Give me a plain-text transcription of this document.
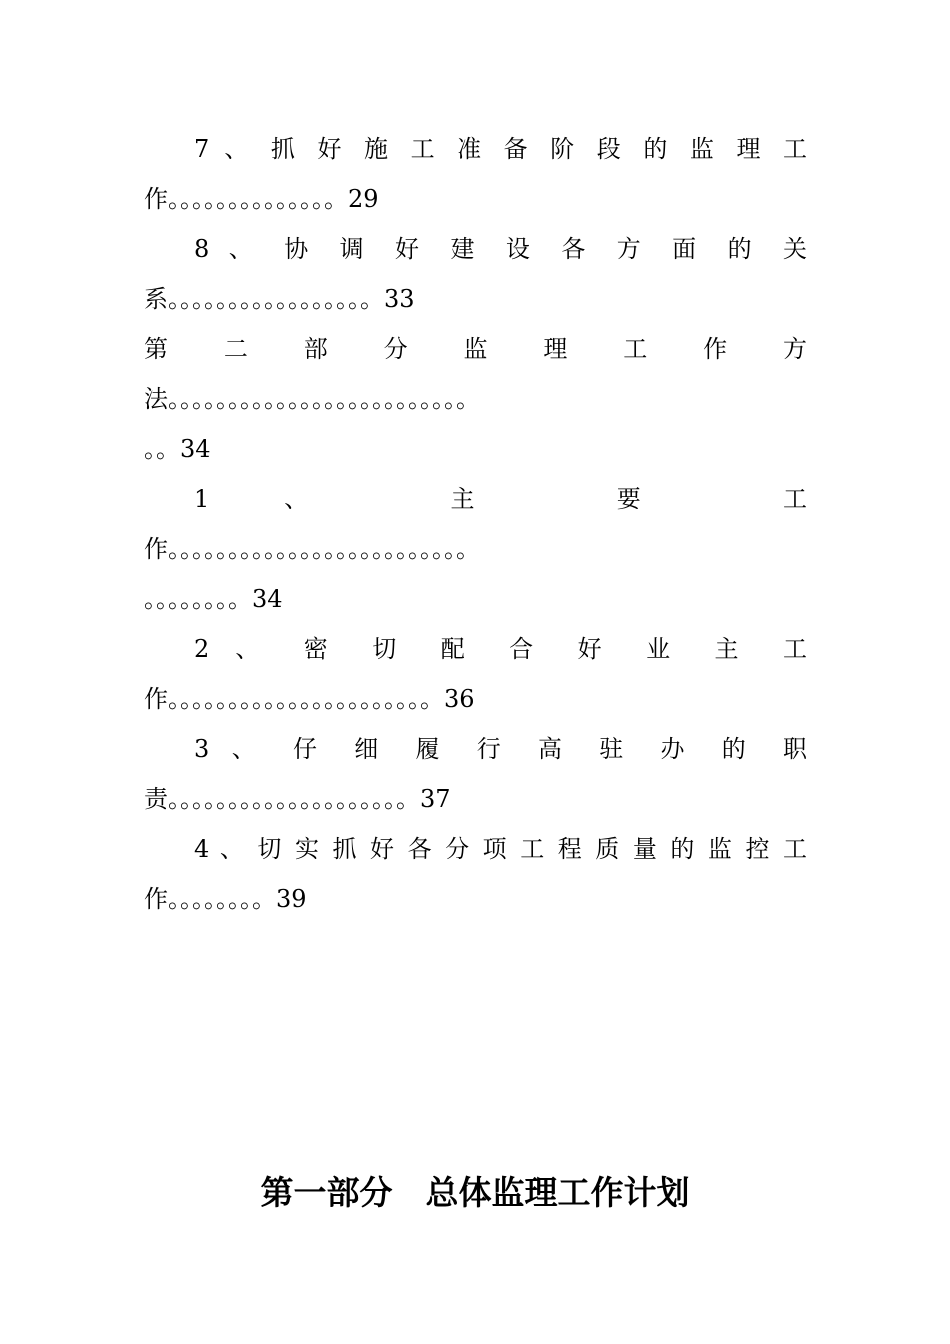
7 、 抓 好 施 工 准 备 阶 段 的 监 理 工
作。。。。。。。。。。。。。。29
8 、 协 调 好 建 设 各 方 面 的 关
系。。。。。。。。。。。。。。。。。33
第 二 部 分 监 理 工 作 方
法。。。。。。。。。。。。。。。。。。。。。。。。。
。。34
1 、 主 要 工
作。。。。。。。。。。。。。。。。。。。。。。。。。
。。。。。。。。34
2 、 密 切 配 合 好 业 主 工
作。。。。。。。。。。。。。。。。。。。。。。36
3 、 仔 细 履 行 高 驻 办 的 职
责。。。。。。。。。。。。。。。。。。。。37
4 、 切 实 抓 好 各 分 项 工 程 质 量 的 监 控 工
作。。。。。。。。39
第一部分　总体监理工作计划
